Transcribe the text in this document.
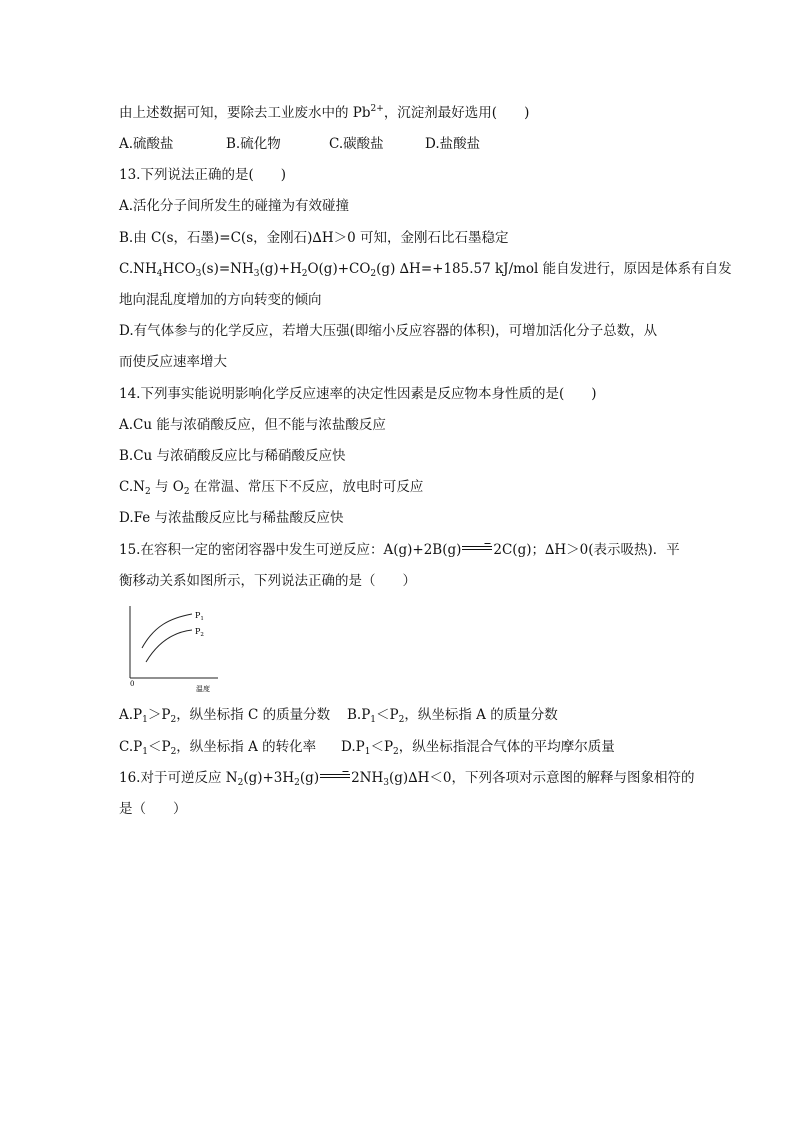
由上述数据可知，要除去工业废水中的 $Pb^{2+}$，沉淀剂最好选用(　　)
A.硫酸盐	B.硫化物	C.碳酸盐	D.盐酸盐
13.下列说法正确的是(　　)
A.活化分子间所发生的碰撞为有效碰撞
B.由 C(s，石墨)=C(s，金刚石)∆H＞0 可知，金刚石比石墨稳定
$C.NH_4HCO_3(s)=NH_3(g)+H_2O(g)+CO_2(g)$ ∆H=+185.57 kJ/mol 能自发进行，原因是体系有自发
地向混乱度增加的方向转变的倾向
D.有气体参与的化学反应，若增大压强(即缩小反应容器的体积)，可增加活化分子总数，从
而使反应速率增大
14.下列事实能说明影响化学反应速率的决定性因素是反应物本身性质的是(　　)
A.Cu 能与浓硝酸反应，但不能与浓盐酸反应
B.Cu 与浓硝酸反应比与稀硝酸反应快
$C.N_2$ 与 $O_2$ 在常温、常压下不反应，放电时可反应
D.Fe 与浓盐酸反应比与稀盐酸反应快
15.在容积一定的密闭容器中发生可逆反应：A(g)+2B(g)→2C(g)；∆H＞0(表示吸热)．平
衡移动关系如图所示，下列说法正确的是（　　）
$P_1$
$P_2$
0
温度
$A.P_1>P_2$，纵坐标指 C 的质量分数 $B.P_1<P_2$，纵坐标指 A 的质量分数
$C.P_1<P_2$，纵坐标指 A 的转化率 $D.P_1<P_2$，纵坐标指混合气体的平均摩尔质量
16.对于可逆反应 $N_2(g)+3H_2(g)\to 2NH_3(g)\Delta H<0$，下列各项对示意图的解释与图象相符的
是（　　）
